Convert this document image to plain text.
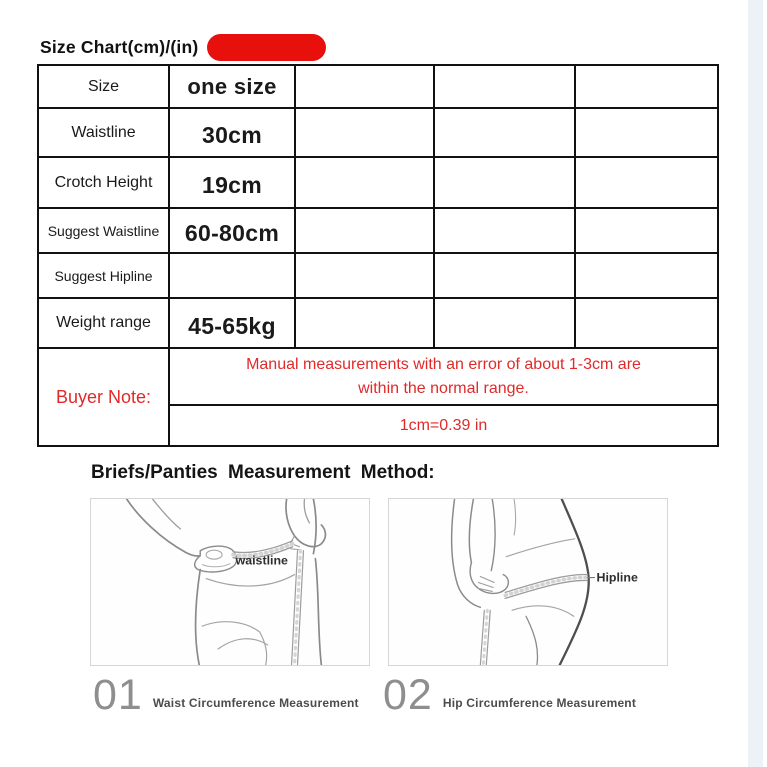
Size Chart(cm)/(in)
Size	one size			
Waistline	30cm			
Crotch Height	19cm			
Suggest Waistline	60-80cm			
Suggest Hipline				
Weight range	45-65kg			
Buyer Note:	Manual measurements with an error of about 1-3cm are
within the normal range.			

	1cm=0.39 in			
Briefs/Panties Measurement Method:
waistline
Hipline
01 Waist Circumference Measurement 02 Hip Circumference Measurement
